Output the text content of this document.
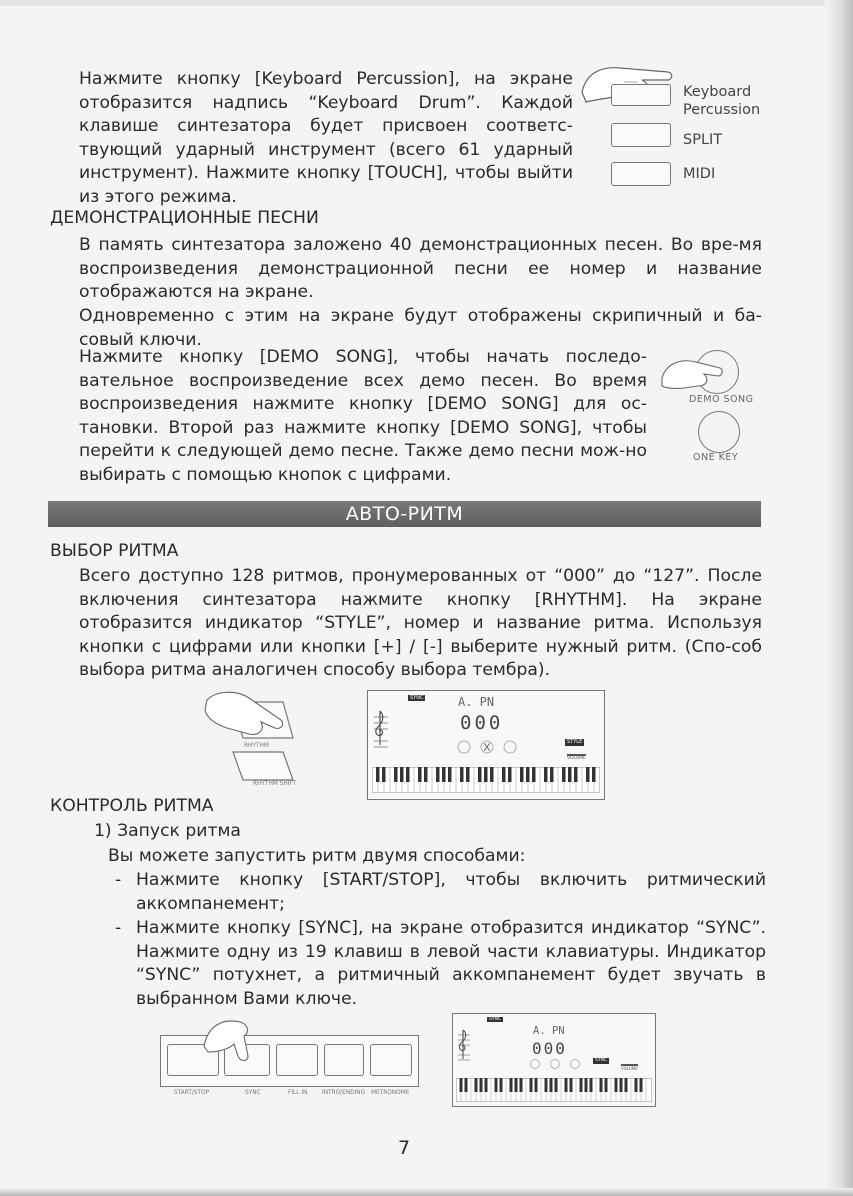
Нажмите кнопку [Keyboard Percussion], на экране отобразится надпись “Keyboard Drum”. Каждой клавише синтезатора будет присвоен соответс-твующий ударный инструмент (всего 61 ударный инструмент). Нажмите кнопку [TOUCH], чтобы выйти из этого режима.
Keyboard
Percussion
SPLIT
MIDI
ДЕМОНСТРАЦИОННЫЕ ПЕСНИ
В память синтезатора заложено 40 демонстрационных песен. Во вре-мя воспроизведения демонстрационной песни ее номер и название отображаются на экране.
Одновременно с этим на экране будут отображены скрипичный и ба-совый ключи.
Нажмите кнопку [DEMO SONG], чтобы начать последо-вательное воспроизведение всех демо песен. Во время воспроизведения нажмите кнопку [DEMO SONG] для ос-тановки. Второй раз нажмите кнопку [DEMO SONG], чтобы перейти к следующей демо песне. Также демо песни мож-но выбирать с помощью кнопок с цифрами.
DEMO SONG
ONE KEY
АВТО-РИТМ
ВЫБОР РИТМА
Всего доступно 128 ритмов, пронумерованных от “000” до “127”. После включения синтезатора нажмите кнопку [RHYTHM]. На экране отобразится индикатор “STYLE”, номер и название ритма. Используя кнопки с цифрами или кнопки [+] / [-] выберите нужный ритм. (Спо-соб выбора ритма аналогичен способу выбора тембра).
RHYTHM
RHYTHM SHIFT
SYNC	A. PN
000
STYLE
VOLUME
КОНТРОЛЬ РИТМА
1) Запуск ритма
Вы можете запустить ритм двумя способами:
- Нажмите кнопку [START/STOP], чтобы включить ритмический аккомпанемент;
- Нажмите кнопку [SYNC], на экране отобразится индикатор “SYNC”. Нажмите одну из 19 клавиш в левой части клавиатуры. Индикатор “SYNC” потухнет, а ритмичный аккомпанемент будет звучать в выбранном Вами ключе.
START/STOP	SYNC	FILL IN	INTRO/ENDING METRONOME
SYNC
A. PN
000
SYNC
VOLUME
7
